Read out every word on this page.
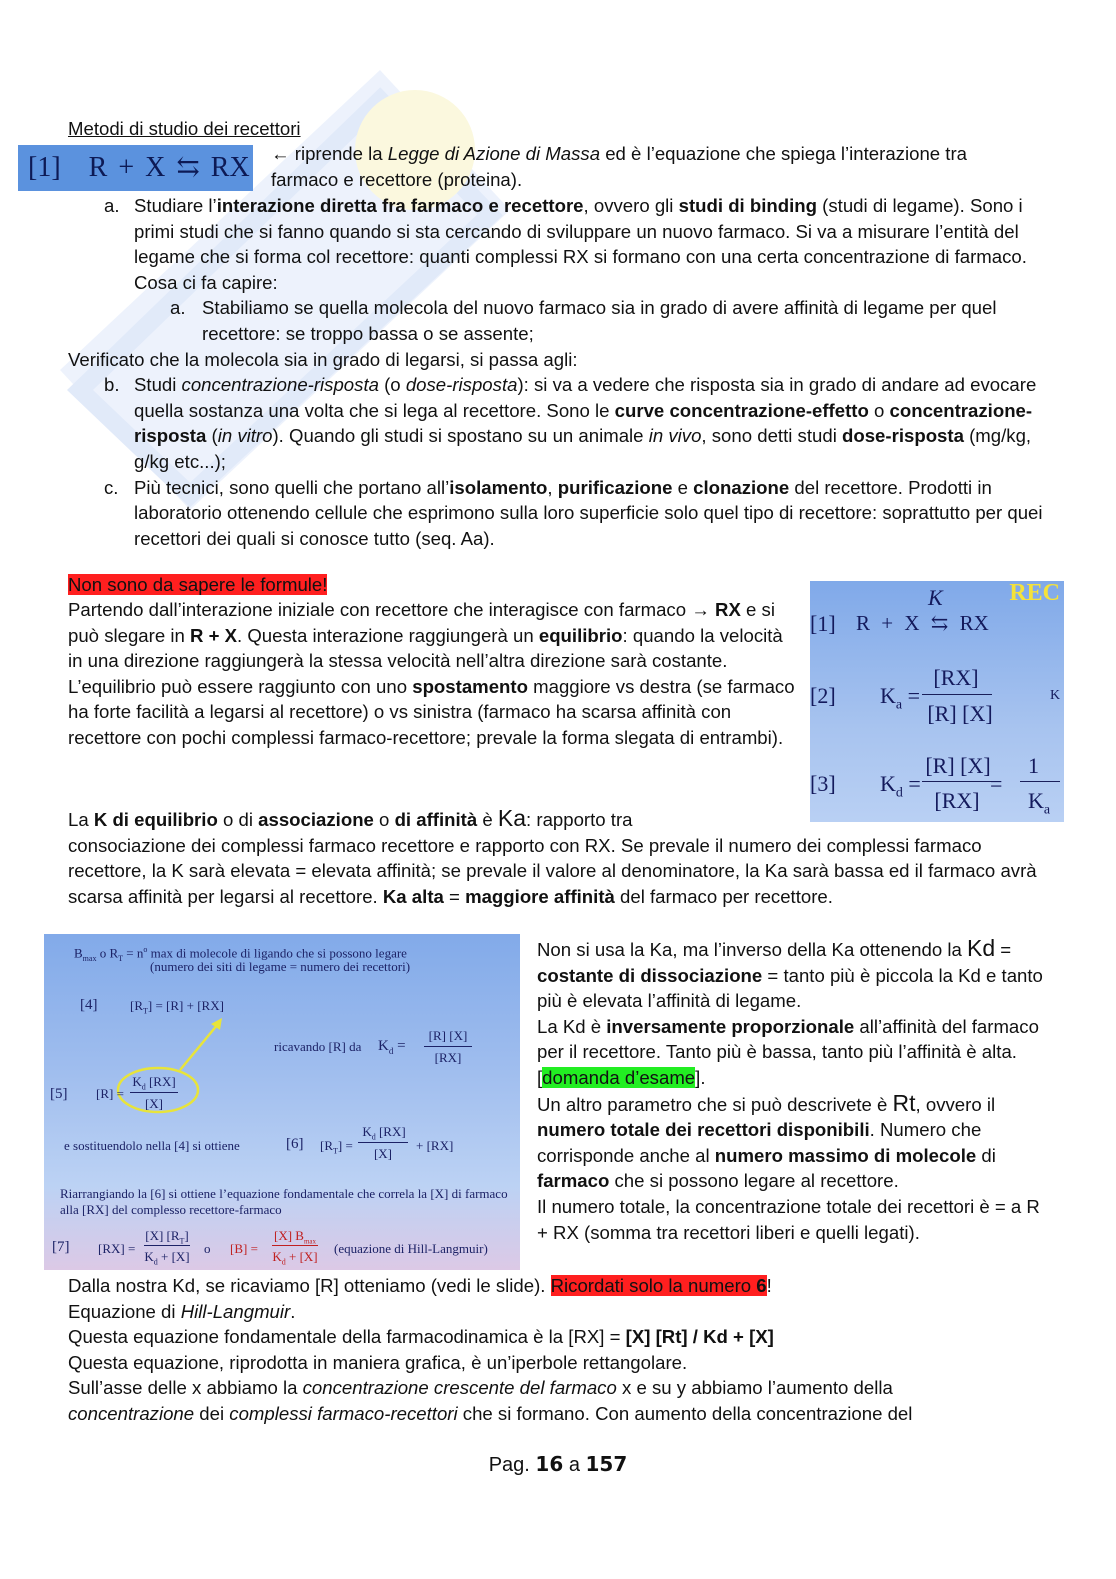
Metodi di studio dei recettori

[1] R + X ⇆ RX ← riprende la Legge di Azione di Massa ed è l’equazione che spiega l’interazione tra

farmaco e recettore (proteina).

a. Studiare l’interazione diretta fra farmaco e recettore, ovvero gli studi di binding (studi di legame). Sono i primi studi che si fanno quando si sta cercando di sviluppare un nuovo farmaco. Si va a misurare l’entità del legame che si forma col recettore: quanti complessi RX si formano con una certa concentrazione di farmaco. Cosa ci fa capire:

a. Stabiliamo se quella molecola del nuovo farmaco sia in grado di avere affinità di legame per quel recettore: se troppo bassa o se assente;

Verificato che la molecola sia in grado di legarsi, si passa agli:

b. Studi concentrazione-risposta (o dose-risposta): si va a vedere che risposta sia in grado di andare ad evocare quella sostanza una volta che si lega al recettore. Sono le curve concentrazione-effetto o concentrazione-risposta (in vitro). Quando gli studi si spostano su un animale in vivo, sono detti studi dose-risposta (mg/kg, g/kg etc...);

c. Più tecnici, sono quelli che portano all’isolamento, purificazione e clonazione del recettore. Prodotti in laboratorio ottenendo cellule che esprimono sulla loro superficie solo quel tipo di recettore: soprattutto per quei recettori dei quali si conosce tutto (seq. Aa).

Non sono da sapere le formule!

Partendo dall’interazione iniziale con recettore che interagisce con farmaco → RX e si può slegare in R + X. Questa interazione raggiungerà un equilibrio: quando la velocità in una direzione raggiungerà la stessa velocità nell’altra direzione sarà costante.

L’equilibrio può essere raggiunto con uno spostamento maggiore vs destra (se farmaco ha forte facilità a legarsi al recettore) o vs sinistra (farmaco ha scarsa affinità con recettore con pochi complessi farmaco-recettore; prevale la forma slegata di entrambi).

REC
K
[1] R + X ⇆ RX
[2] $K_a$ =
[RX]
[R] [X]
K
[3] $K_d$ =
[R] [X]
[RX]
=
1
$K_a$

La K di equilibrio o di associazione o di affinità è Ka: rapporto tra

consociazione dei complessi farmaco recettore e rapporto con RX. Se prevale il numero dei complessi farmaco recettore, la K sarà elevata = elevata affinità; se prevale il valore al denominatore, la Ka sarà bassa ed il farmaco avrà scarsa affinità per legarsi al recettore. Ka alta = maggiore affinità del farmaco per recettore.

$B_{max}$ o $R_T = n^o$ max di molecole di ligando che si possono legare
(numero dei siti di legame = numero dei recettori)
[4]	$[R_T] = [R] + [RX]$
ricavando [R] da $K_d$ =
[R] [X]
[RX]
[5] [R] =
$K_d$ [RX]
[X]
e sostituendolo nella [4] si ottiene	[6] $[R_T]$ =
$K_d$ [RX]
[X]
+ [RX]
Riarrangiando la [6] si ottiene l’equazione fondamentale che correla la [X] di farmaco
alla [RX] del complesso recettore-farmaco
[7] [RX] =
[X] $[R_T]$
$K_d + [X]$
o [B] =
[X] $B_{max}$
$K_d + [X]$
(equazione di Hill-Langmuir)

Non si usa la Ka, ma l’inverso della Ka ottenendo la Kd = costante di dissociazione = tanto più è piccola la Kd e tanto più è elevata l’affinità di legame.

La Kd è inversamente proporzionale all’affinità del farmaco per il recettore. Tanto più è bassa, tanto più l’affinità è alta. [domanda d’esame].

Un altro parametro che si può descrivete è Rt, ovvero il numero totale dei recettori disponibili. Numero che corrisponde anche al numero massimo di molecole di farmaco che si possono legare al recettore.

Il numero totale, la concentrazione totale dei recettori è = a R + RX (somma tra recettori liberi e quelli legati).

Dalla nostra Kd, se ricaviamo [R] otteniamo (vedi le slide). Ricordati solo la numero 6!

Equazione di Hill-Langmuir.

Questa equazione fondamentale della farmacodinamica è la [RX] = [X] [Rt] / Kd + [X]

Questa equazione, riprodotta in maniera grafica, è un’iperbole rettangolare.

Sull’asse delle x abbiamo la concentrazione crescente del farmaco x e su y abbiamo l’aumento della

concentrazione dei complessi farmaco-recettori che si formano. Con aumento della concentrazione del

Pag. 16 a 157
